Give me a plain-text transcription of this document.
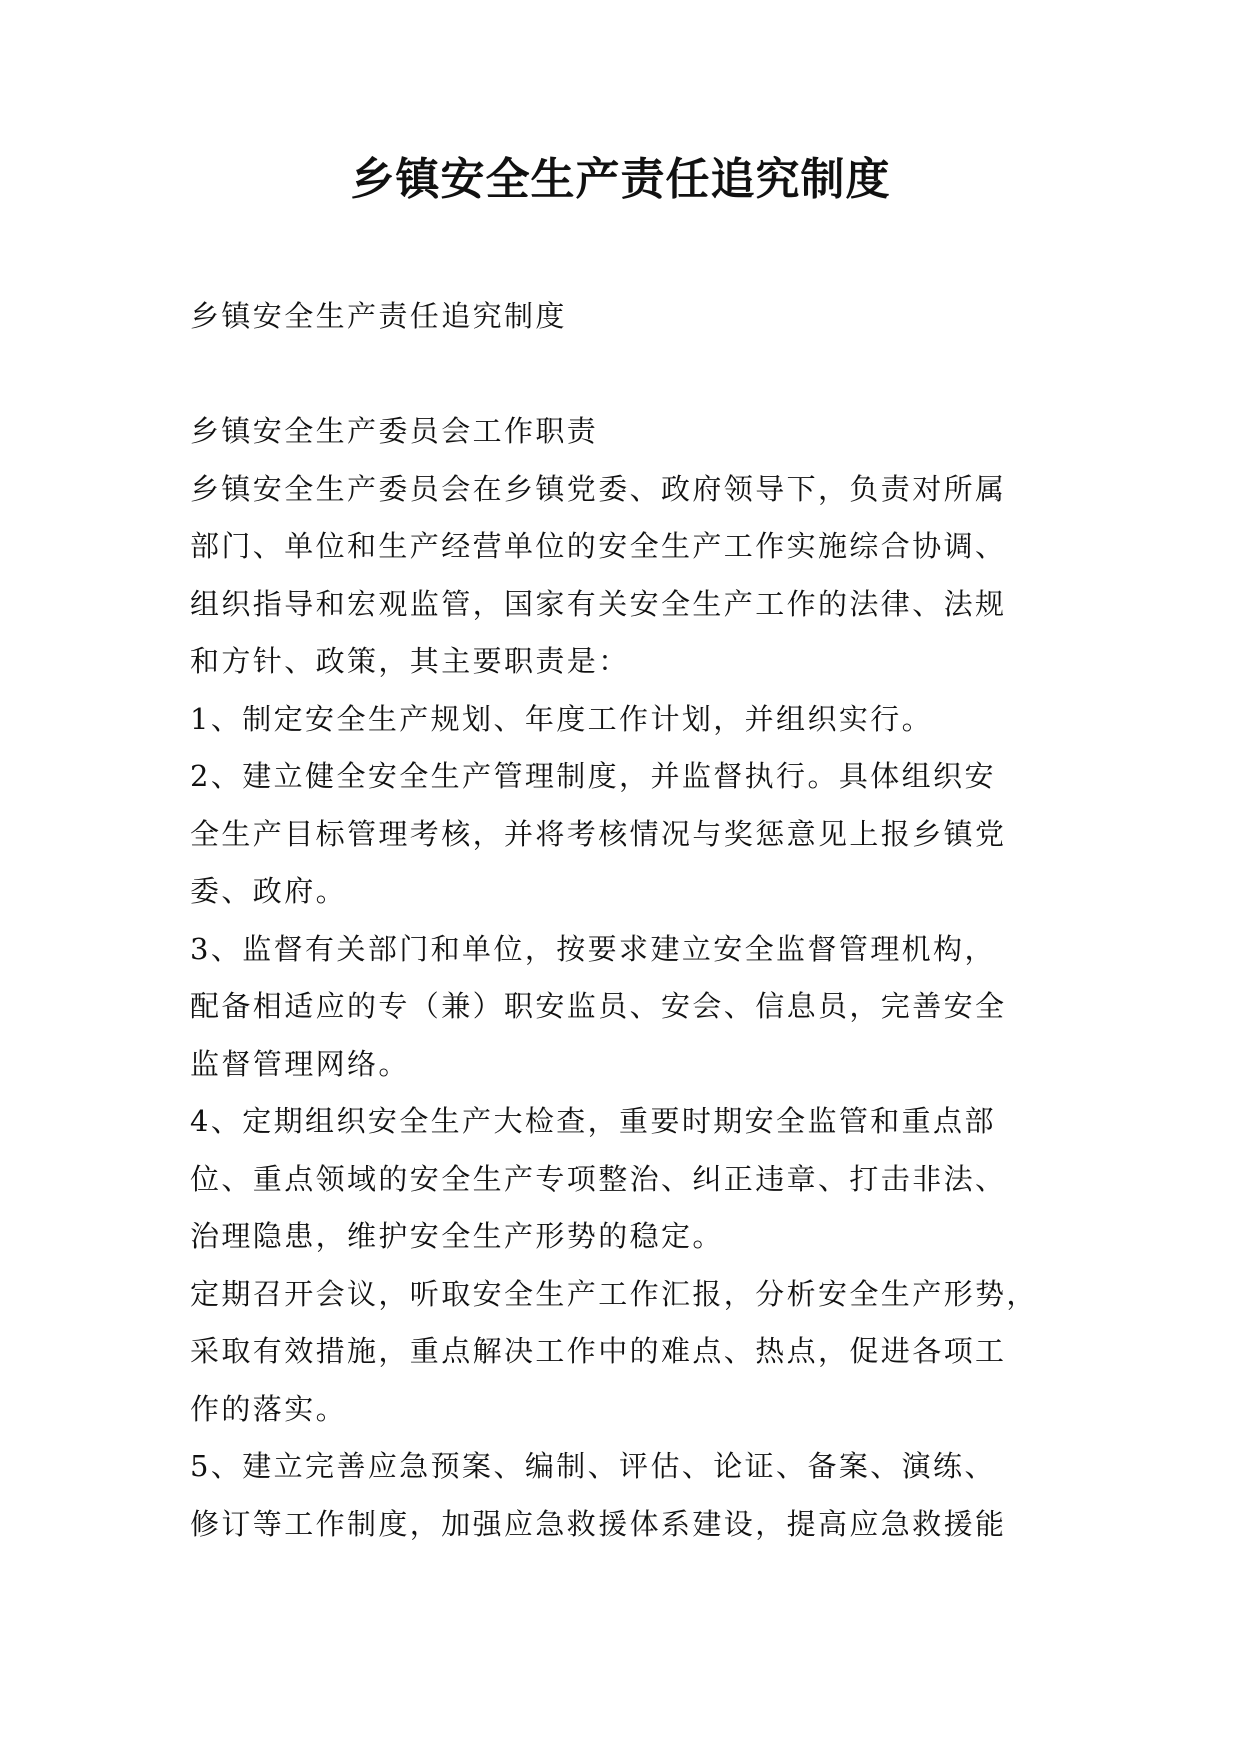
乡镇安全生产责任追究制度

乡镇安全生产责任追究制度

乡镇安全生产委员会工作职责

乡镇安全生产委员会在乡镇党委、政府领导下，负责对所属

部门、单位和生产经营单位的安全生产工作实施综合协调、

组织指导和宏观监管，国家有关安全生产工作的法律、法规

和方针、政策，其主要职责是：

1、制定安全生产规划、年度工作计划，并组织实行。

2、建立健全安全生产管理制度，并监督执行。具体组织安

全生产目标管理考核，并将考核情况与奖惩意见上报乡镇党

委、政府。

3、监督有关部门和单位，按要求建立安全监督管理机构，

配备相适应的专（兼）职安监员、安会、信息员，完善安全

监督管理网络。

4、定期组织安全生产大检查，重要时期安全监管和重点部

位、重点领域的安全生产专项整治、纠正违章、打击非法、

治理隐患，维护安全生产形势的稳定。

定期召开会议，听取安全生产工作汇报，分析安全生产形势，

采取有效措施，重点解决工作中的难点、热点，促进各项工

作的落实。

5、建立完善应急预案、编制、评估、论证、备案、演练、

修订等工作制度，加强应急救援体系建设，提高应急救援能
